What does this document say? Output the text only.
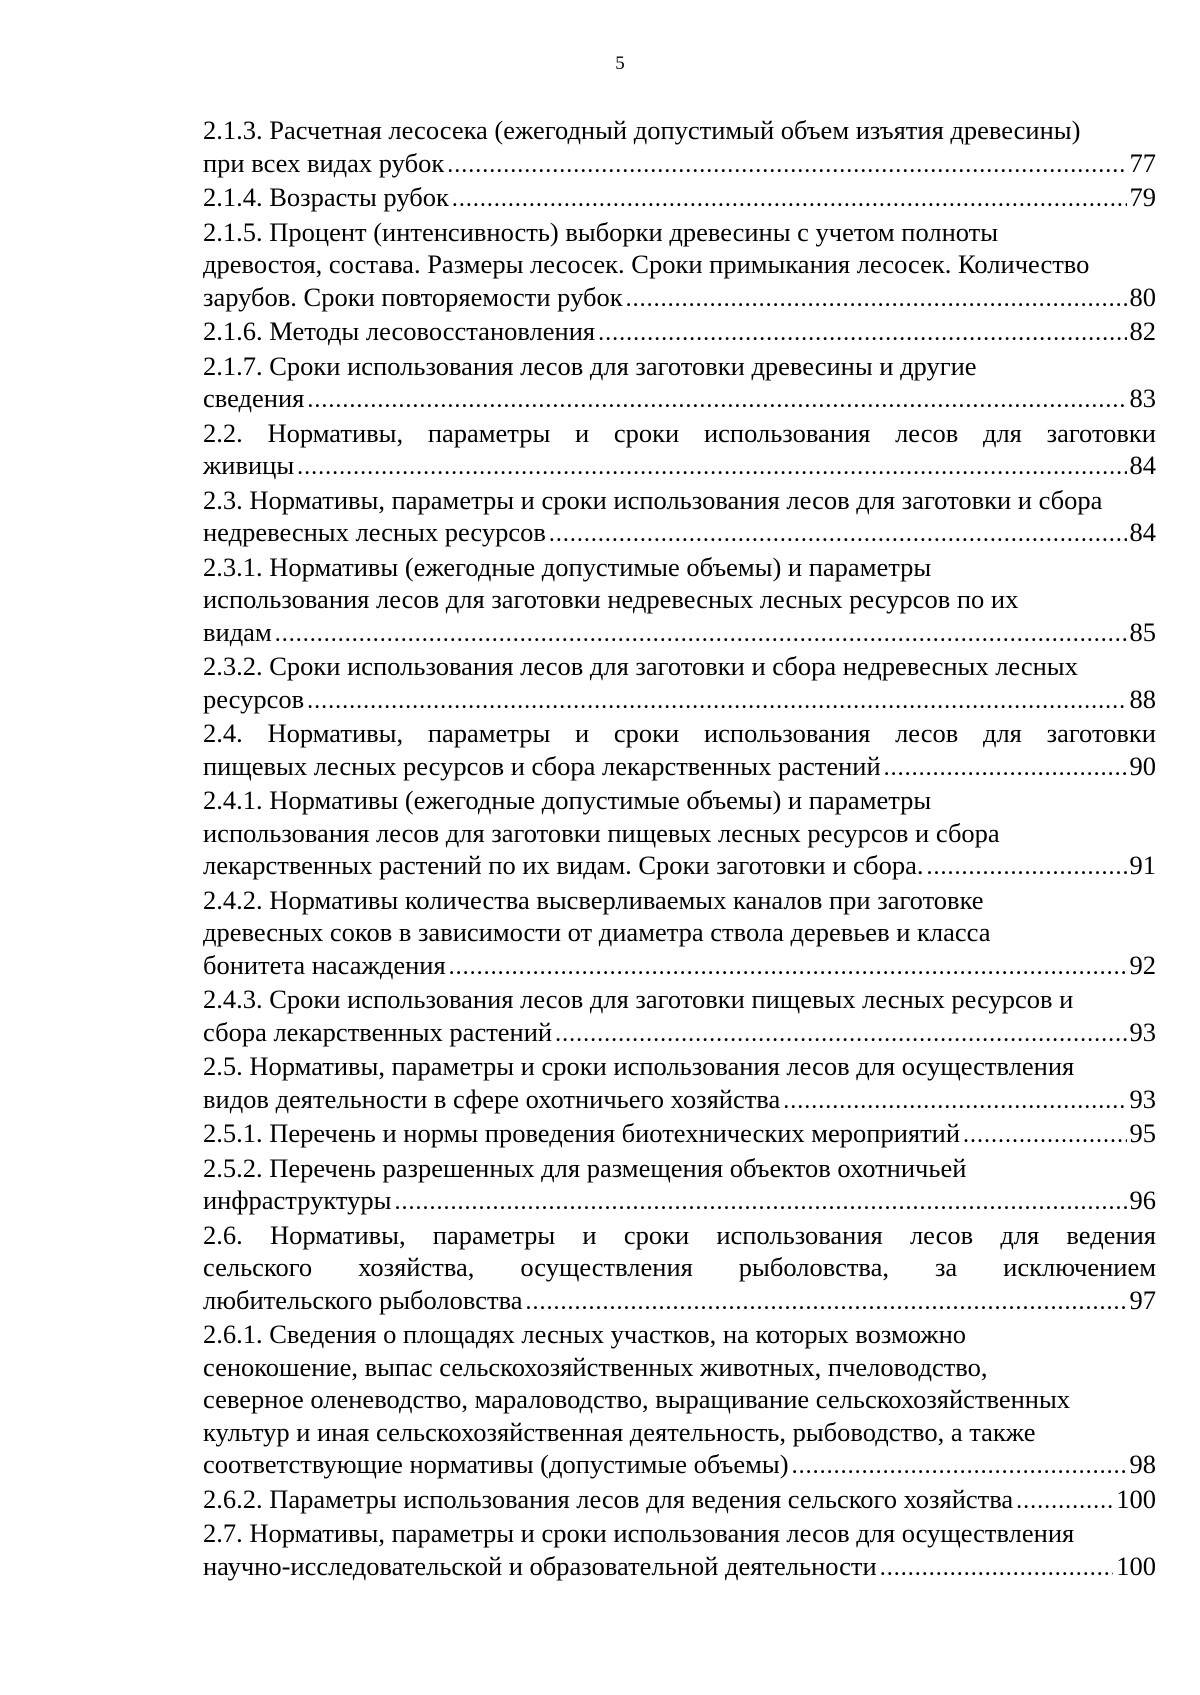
5
2.1.3. Расчетная лесосека (ежегодный допустимый объем изъятия древесины)
при всех видах рубок .....	77
2.1.4. Возрасты рубок .....	79
2.1.5. Процент (интенсивность) выборки древесины с учетом полноты
древостоя, состава. Размеры лесосек. Сроки примыкания лесосек. Количество
зарубов. Сроки повторяемости рубок .....	80
2.1.6. Методы лесовосстановления .....	82
2.1.7. Сроки использования лесов для заготовки древесины и другие
сведения .....	83
2.2. Нормативы, параметры и сроки использования лесов для заготовки
живицы .....	84
2.3. Нормативы, параметры и сроки использования лесов для заготовки и сбора
недревесных лесных ресурсов .....	84
2.3.1. Нормативы (ежегодные допустимые объемы) и параметры
использования лесов для заготовки недревесных лесных ресурсов по их
видам .....	85
2.3.2. Сроки использования лесов для заготовки и сбора недревесных лесных
ресурсов .....	88
2.4. Нормативы, параметры и сроки использования лесов для заготовки
пищевых лесных ресурсов и сбора лекарственных растений .....	90
2.4.1. Нормативы (ежегодные допустимые объемы) и параметры
использования лесов для заготовки пищевых лесных ресурсов и сбора
лекарственных растений по их видам. Сроки заготовки и сбора. .....	91
2.4.2. Нормативы количества высверливаемых каналов при заготовке
древесных соков в зависимости от диаметра ствола деревьев и класса
бонитета насаждения .....	92
2.4.3. Сроки использования лесов для заготовки пищевых лесных ресурсов и
сбора лекарственных растений .....	93
2.5. Нормативы, параметры и сроки использования лесов для осуществления
видов деятельности в сфере охотничьего хозяйства .....	93
2.5.1. Перечень и нормы проведения биотехнических мероприятий .....	95
2.5.2. Перечень разрешенных для размещения объектов охотничьей
инфраструктуры .....	96
2.6. Нормативы, параметры и сроки использования лесов для ведения
сельского хозяйства, осуществления рыболовства, за исключением
любительского рыболовства .....	97
2.6.1. Сведения о площадях лесных участков, на которых возможно
сенокошение, выпас сельскохозяйственных животных, пчеловодство,
северное оленеводство, мараловодство, выращивание сельскохозяйственных
культур и иная сельскохозяйственная деятельность, рыбоводство, а также
соответствующие нормативы (допустимые объемы) .....	98
2.6.2. Параметры использования лесов для ведения сельского хозяйства .....	100
2.7. Нормативы, параметры и сроки использования лесов для осуществления
научно-исследовательской и образовательной деятельности .....	100
